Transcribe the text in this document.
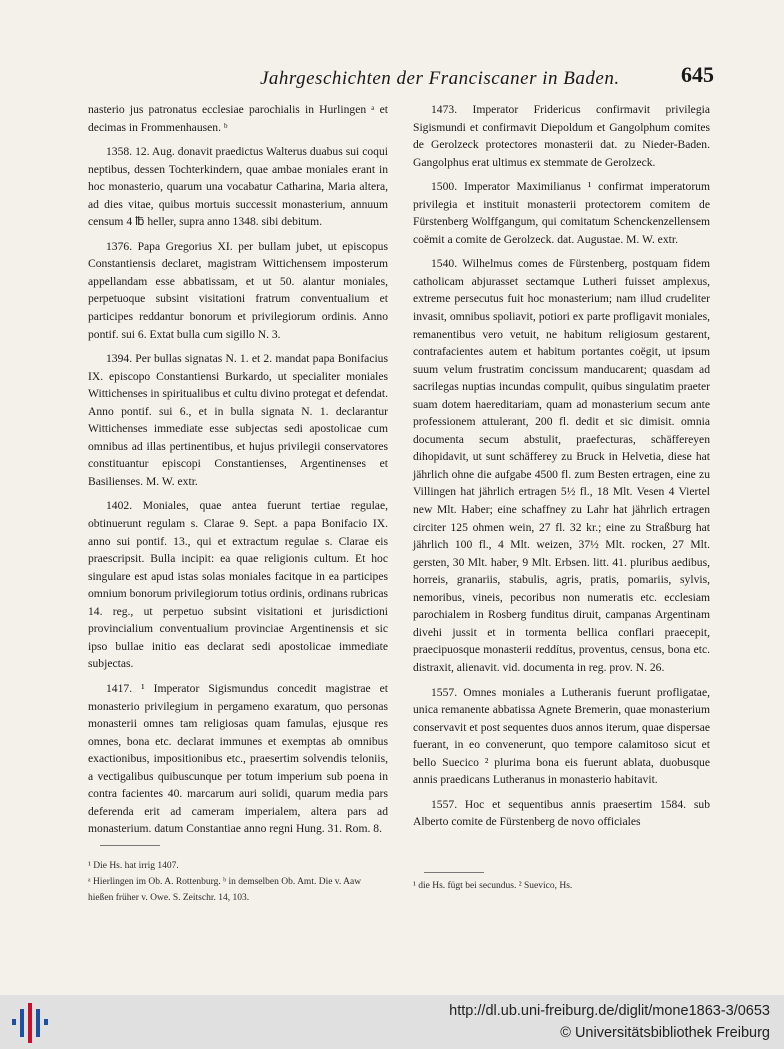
Jahrgeschichten der Franciscaner in Baden.	645

nasterio jus patronatus ecclesiae parochialis in Hurlingen ᵃ et decimas in Frommenhausen. ᵇ

1358. 12. Aug. donavit praedictus Walterus duabus sui coqui neptibus, dessen Tochterkindern, quae ambae moniales erant in hoc monasterio, quarum una vocabatur Catharina, Maria altera, ad dies vitae, quibus mortuis successit monasterium, annuum censum 4 ℔ heller, supra anno 1348. sibi debitum.

1376. Papa Gregorius XI. per bullam jubet, ut episcopus Constantiensis declaret, magistram Wittichensem imposterum appellandam esse abbatissam, et ut 50. alantur moniales, perpetuoque subsint visitationi fratrum conventualium et participes reddantur bonorum et privilegiorum ordinis. Anno pontif. sui 6. Extat bulla cum sigillo N. 3.

1394. Per bullas signatas N. 1. et 2. mandat papa Bonifacius IX. episcopo Constantiensi Burkardo, ut specialiter moniales Wittichenses in spiritualibus et cultu divino protegat et defendat. Anno pontif. sui 6., et in bulla signata N. 1. declarantur Wittichenses immediate esse subjectas sedi apostolicae cum omnibus ad illas pertinentibus, et hujus privilegii conservatores constituantur episcopi Constantienses, Argentinenses et Basilienses. M. W. extr.

1402. Moniales, quae antea fuerunt tertiae regulae, obtinuerunt regulam s. Clarae 9. Sept. a papa Bonifacio IX. anno sui pontif. 13., qui et extractum regulae s. Clarae eis praescripsit. Bulla incipit: ea quae religionis cultum. Et hoc singulare est apud istas solas moniales facitque in ea participes omnium bonorum privilegiorum totius ordinis, ordinans rubricas 14. reg., ut perpetuo subsint visitationi et jurisdictioni provincialium conventualium provinciae Argentinensis et sic ipso bullae initio eas declarat sedi apostolicae immediate subjectas.

1417. ¹ Imperator Sigismundus concedit magistrae et monasterio privilegium in pergameno exaratum, quo personas monasterii omnes tam religiosas quam famulas, ejusque res omnes, bona etc. declarat immunes et exemptas ab omnibus exactionibus, impositionibus etc., praesertim solvendis teloniis, a vectigalibus quibuscunque per totum imperium sub poena in contra facientes 40. marcarum auri solidi, quarum media pars deferenda erit ad cameram imperialem, altera pars ad monasterium. datum Constantiae anno regni Hung. 31. Rom. 8.

¹ Die Hs. hat irrig 1407.
ᵃ Hierlingen im Ob. A. Rottenburg. ᵇ in demselben Ob. Amt. Die v. Aaw hießen früher v. Owe. S. Zeitschr. 14, 103.

1473. Imperator Fridericus confirmavit privilegia Sigismundi et confirmavit Diepoldum et Gangolphum comites de Gerolzeck protectores monasterii dat. zu Nieder-Baden. Gangolphus erat ultimus ex stemmate de Gerolzeck.

1500. Imperator Maximilianus ¹ confirmat imperatorum privilegia et instituit monasterii protectorem comitem de Fürstenberg Wolffgangum, qui comitatum Schenckenzellensem coëmit a comite de Gerolzeck. dat. Augustae. M. W. extr.

1540. Wilhelmus comes de Fürstenberg, postquam fidem catholicam abjurasset sectamque Lutheri fuisset amplexus, extreme persecutus fuit hoc monasterium; nam illud crudeliter invasit, omnibus spoliavit, potiori ex parte profligavit moniales, remanentibus vero vetuit, ne habitum religiosum gestarent, contrafacientes autem et habitum portantes coëgit, ut ipsum suum velum frustratim concissum manducarent; quasdam ad sacrilegas nuptias incundas compulit, quibus singulatim praeter suam dotem haereditariam, quam ad monasterium secum ante professionem attulerant, 200 fl. dedit et sic dimisit. omnia documenta secum abstulit, praefecturas, schäffereyen dihopidavit, ut sunt schäfferey zu Bruck in Helvetia, diese hat jährlich ohne die aufgabe 4500 fl. zum Besten ertragen, eine zu Villingen hat jährlich ertragen 5½ fl., 18 Mlt. Vesen 4 Viertel new Mlt. Haber; eine schaffney zu Lahr hat jährlich ertragen circiter 125 ohmen wein, 27 fl. 32 kr.; eine zu Straßburg hat jährlich 100 fl., 4 Mlt. weizen, 37½ Mlt. rocken, 27 Mlt. gersten, 30 Mlt. haber, 9 Mlt. Erbsen. litt. 41. pluribus aedibus, horreis, granariis, stabulis, agris, pratis, pomariis, sylvis, nemoribus, vineis, pecoribus non numeratis etc. ecclesiam parochialem in Rosberg funditus diruit, campanas Argentinam divehi jussit et in tormenta bellica conflari praecepit, praecipuosque monasterii reddítus, proventus, census, bona etc. distraxit, alienavit. vid. documenta in reg. prov. N. 26.

1557. Omnes moniales a Lutheranis fuerunt profligatae, unica remanente abbatissa Agnete Bremerin, quae monasterium conservavit et post sequentes duos annos iterum, quae dispersae fuerant, in eo convenerunt, quo tempore calamitoso sicut et bello Suecico ² plurima bona eis fuerunt ablata, duobusque annis praedicans Lutheranus in monasterio habitavit.

1557. Hoc et sequentibus annis praesertim 1584. sub Alberto comite de Fürstenberg de novo officiales

¹ die Hs. fügt bei secundus. ² Suevico, Hs.
http://dl.ub.uni-freiburg.de/diglit/mone1863-3/0653
© Universitätsbibliothek Freiburg
